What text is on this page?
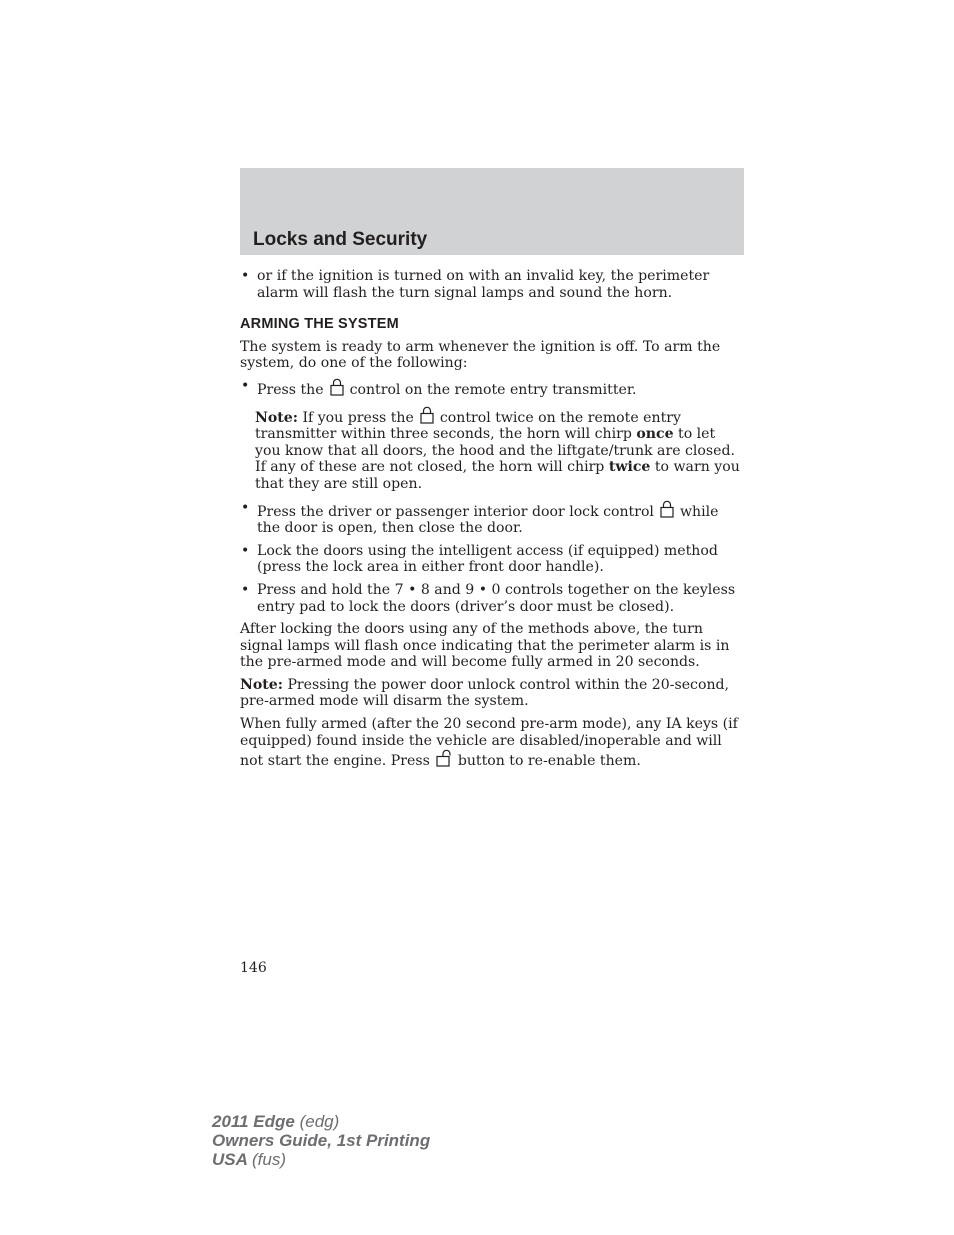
Locks and Security

• or if the ignition is turned on with an invalid key, the perimeter alarm will flash the turn signal lamps and sound the horn.

ARMING THE SYSTEM

The system is ready to arm whenever the ignition is off. To arm the system, do one of the following:

• Press the control on the remote entry transmitter.

Note: If you press the control twice on the remote entry transmitter within three seconds, the horn will chirp once to let you know that all doors, the hood and the liftgate/trunk are closed. If any of these are not closed, the horn will chirp twice to warn you that they are still open.

• Press the driver or passenger interior door lock control while the door is open, then close the door.

• Lock the doors using the intelligent access (if equipped) method (press the lock area in either front door handle).

• Press and hold the 7 • 8 and 9 • 0 controls together on the keyless entry pad to lock the doors (driver’s door must be closed).

After locking the doors using any of the methods above, the turn signal lamps will flash once indicating that the perimeter alarm is in the pre-armed mode and will become fully armed in 20 seconds.

Note: Pressing the power door unlock control within the 20-second, pre-armed mode will disarm the system.

When fully armed (after the 20 second pre-arm mode), any IA keys (if equipped) found inside the vehicle are disabled/inoperable and will not start the engine. Press button to re-enable them.

146
2011 Edge (edg)
Owners Guide, 1st Printing
USA (fus)
